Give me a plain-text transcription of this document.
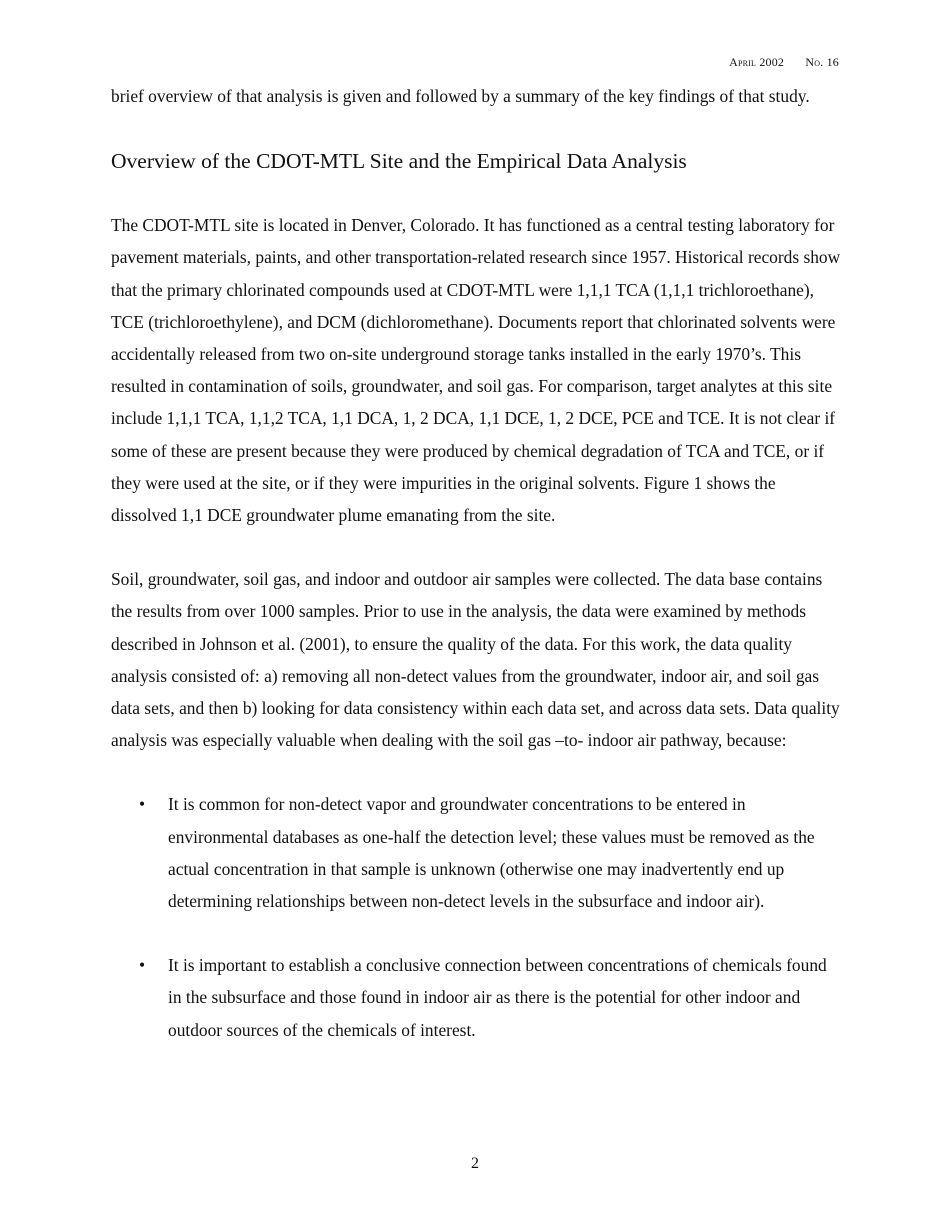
April 2002 No. 16

brief overview of that analysis is given and followed by a summary of the key findings of that study.

Overview of the CDOT-MTL Site and the Empirical Data Analysis

The CDOT-MTL site is located in Denver, Colorado. It has functioned as a central testing laboratory for pavement materials, paints, and other transportation-related research since 1957. Historical records show that the primary chlorinated compounds used at CDOT-MTL were 1,1,1 TCA (1,1,1 trichloroethane), TCE (trichloroethylene), and DCM (dichloromethane). Documents report that chlorinated solvents were accidentally released from two on-site underground storage tanks installed in the early 1970’s. This resulted in contamination of soils, groundwater, and soil gas. For comparison, target analytes at this site include 1,1,1 TCA, 1,1,2 TCA, 1,1 DCA, 1, 2 DCA, 1,1 DCE, 1, 2 DCE, PCE and TCE. It is not clear if some of these are present because they were produced by chemical degradation of TCA and TCE, or if they were used at the site, or if they were impurities in the original solvents. Figure 1 shows the dissolved 1,1 DCE groundwater plume emanating from the site.

Soil, groundwater, soil gas, and indoor and outdoor air samples were collected. The data base contains the results from over 1000 samples. Prior to use in the analysis, the data were examined by methods described in Johnson et al. (2001), to ensure the quality of the data. For this work, the data quality analysis consisted of: a) removing all non-detect values from the groundwater, indoor air, and soil gas data sets, and then b) looking for data consistency within each data set, and across data sets. Data quality analysis was especially valuable when dealing with the soil gas –to- indoor air pathway, because:

• It is common for non-detect vapor and groundwater concentrations to be entered in environmental databases as one-half the detection level; these values must be removed as the actual concentration in that sample is unknown (otherwise one may inadvertently end up determining relationships between non-detect levels in the subsurface and indoor air).
• It is important to establish a conclusive connection between concentrations of chemicals found in the subsurface and those found in indoor air as there is the potential for other indoor and outdoor sources of the chemicals of interest.
2
